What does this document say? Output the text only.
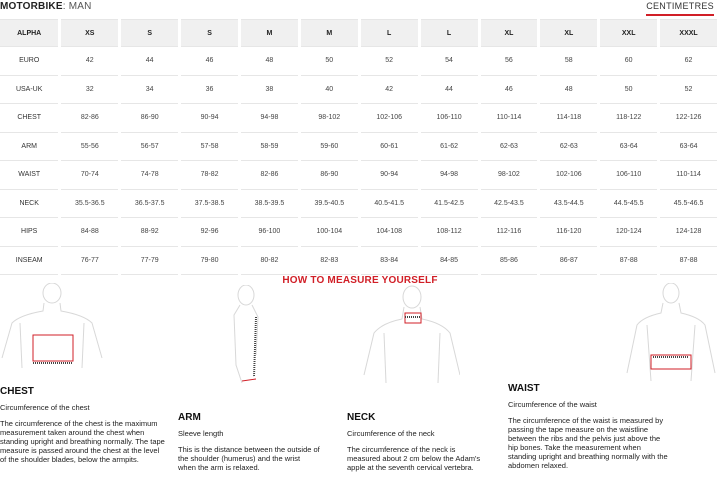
MOTORBIKE: MAN	CENTIMETRES
ALPHA	XS	S	S	M	M	L	L	XL	XL	XXL	XXXL
EURO	42	44	46	48	50	52	54	56	58	60	62
USA-UK	32	34	36	38	40	42	44	46	48	50	52
CHEST	82-86	86-90	90-94	94-98	98-102	102-106	106-110	110-114	114-118	118-122	122-126
ARM	55-56	56-57	57-58	58-59	59-60	60-61	61-62	62-63	62-63	63-64	63-64
WAIST	70-74	74-78	78-82	82-86	86-90	90-94	94-98	98-102	102-106	106-110	110-114
NECK	35.5-36.5	36.5-37.5	37.5-38.5	38.5-39.5	39.5-40.5	40.5-41.5	41.5-42.5	42.5-43.5	43.5-44.5	44.5-45.5	45.5-46.5
HIPS	84-88	88-92	92-96	96-100	100-104	104-108	108-112	112-116	116-120	120-124	124-128
INSEAM	76-77	77-79	79-80	80-82	82-83	83-84	84-85	85-86	86-87	87-88	87-88
HOW TO MEASURE YOURSELF
CHEST
Circumference of the chest
The circumference of the chest is the maximum measurement taken around the chest when standing upright and breathing normally. The tape measure is passed around the chest at the level of the shoulder blades, below the armpits.
ARM
Sleeve length
This is the distance between the outside of the shoulder (humerus) and the wrist when the arm is relaxed.
NECK
Circumference of the neck
The circumference of the neck is measured about 2 cm below the Adam's apple at the seventh cervical vertebra.
WAIST
Circumference of the waist
The circumference of the waist is measured by passing the tape measure on the waistline between the ribs and the pelvis just above the hip bones. Take the measurement when standing upright and breathing normally with the abdomen relaxed.
